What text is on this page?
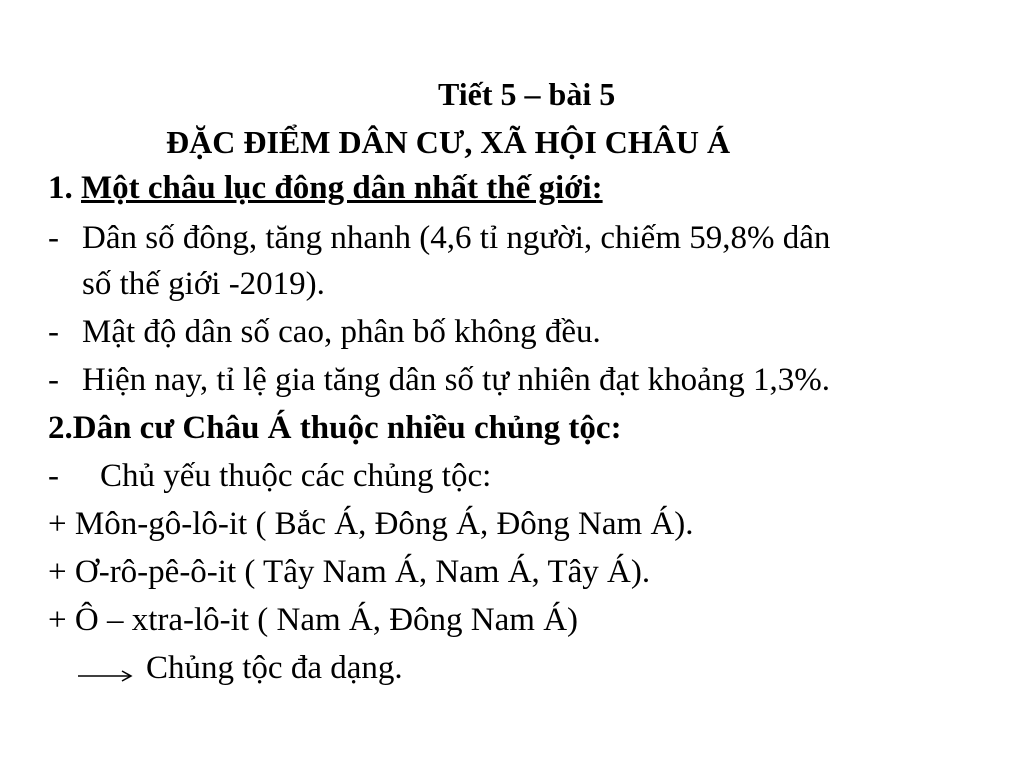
Tiết 5 – bài 5
ĐẶC ĐIỂM DÂN CƯ, XÃ HỘI CHÂU Á
1. Một châu lục đông dân nhất thế giới:
- Dân số đông, tăng nhanh (4,6 tỉ người, chiếm 59,8% dân
số thế giới -2019).
- Mật độ dân số cao, phân bố không đều.
- Hiện nay, tỉ lệ gia tăng dân số tự nhiên đạt khoảng 1,3%.
2.Dân cư Châu Á thuộc nhiều chủng tộc:
- Chủ yếu thuộc các chủng tộc:
+ Môn-gô-lô-it ( Bắc Á, Đông Á, Đông Nam Á).
+ Ơ-rô-pê-ô-it ( Tây Nam Á, Nam Á, Tây Á).
+ Ô – xtra-lô-it ( Nam Á, Đông Nam Á)
Chủng tộc đa dạng.
